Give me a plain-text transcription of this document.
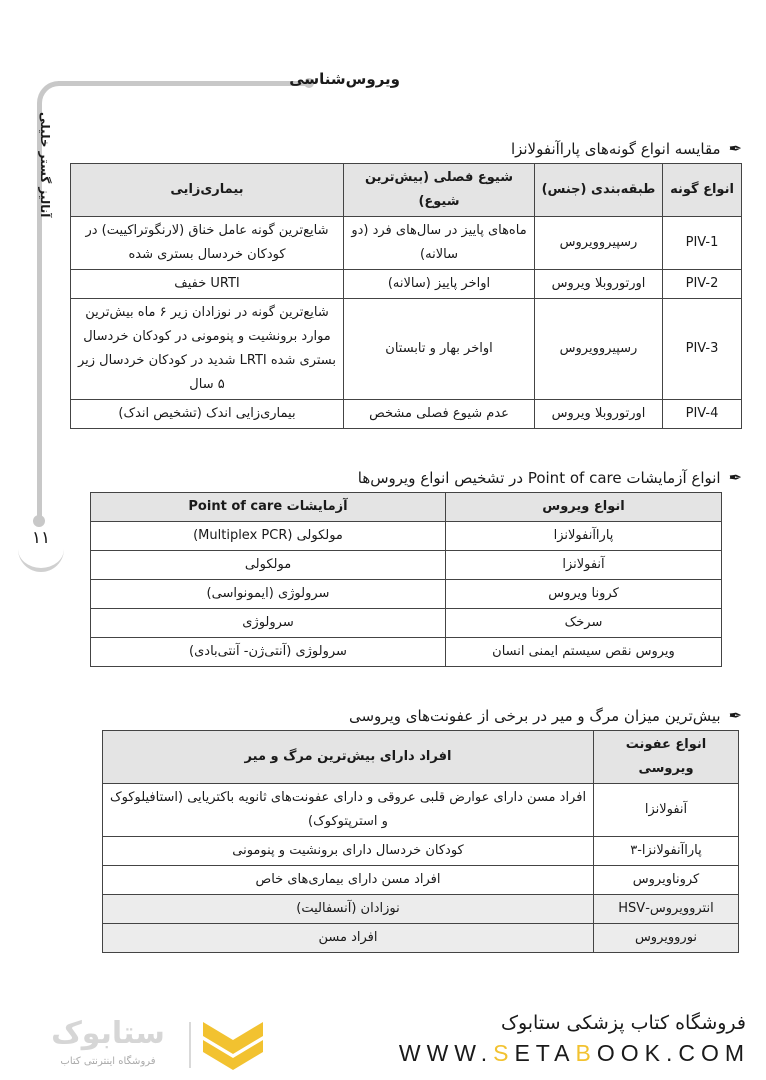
ویروس‌شناسی
آنالیز گستر خلیلی
۱۱
✒مقایسه انواع گونه‌های پاراآنفولانزا
انواع گونه	طبقه‌بندی (جنس)	شیوع فصلی (بیش‌ترین شیوع)	بیماری‌زایی
PIV-1	رسپیروویروس	ماه‌های پاییز در سال‌های فرد (دو سالانه)	شایع‌ترین گونه عامل خناق (لارنگوتراکییت) در کودکان خردسال بستری شده
PIV-2	اورتوروبلا ویروس	اواخر پاییز (سالانه)	URTI خفیف
PIV-3	رسپیروویروس	اواخر بهار و تابستان	شایع‌ترین گونه در نوزادان زیر ۶ ماه بیش‌ترین موارد برونشیت و پنومونی در کودکان خردسال بستری شده LRTI شدید در کودکان خردسال زیر ۵ سال
PIV-4	اورتوروبلا ویروس	عدم شیوع فصلی مشخص	بیماری‌زایی اندک (تشخیص اندک)
✒انواع آزمایشات Point of care در تشخیص انواع ویروس‌ها
انواع ویروس	آزمایشات Point of care
پاراآنفولانزا	مولکولی (Multiplex PCR)
آنفولانزا	مولکولی
کرونا ویروس	سرولوژی (ایمونواسی)
سرخک	سرولوژی
ویروس نقص سیستم ایمنی انسان	سرولوژی (آنتی‌ژن- آنتی‌بادی)
✒بیش‌ترین میزان مرگ و میر در برخی از عفونت‌های ویروسی
انواع عفونت ویروسی	افراد دارای بیش‌ترین مرگ و میر
آنفولانزا	افراد مسن دارای عوارض قلبی عروقی و دارای عفونت‌های ثانویه باکتریایی (استافیلوکوک و استرپتوکوک)
پاراآنفولانزا-۳	کودکان خردسال دارای برونشیت و پنومونی
کروناویروس	افراد مسن دارای بیماری‌های خاص
انتروویروس-HSV	نوزادان (آنسفالیت)
نوروویروس	افراد مسن
ستابوک
فروشگاه اینترنتی کتاب
فروشگاه کتاب پزشکی ستابوک
WWW.SETABOOK.COM
